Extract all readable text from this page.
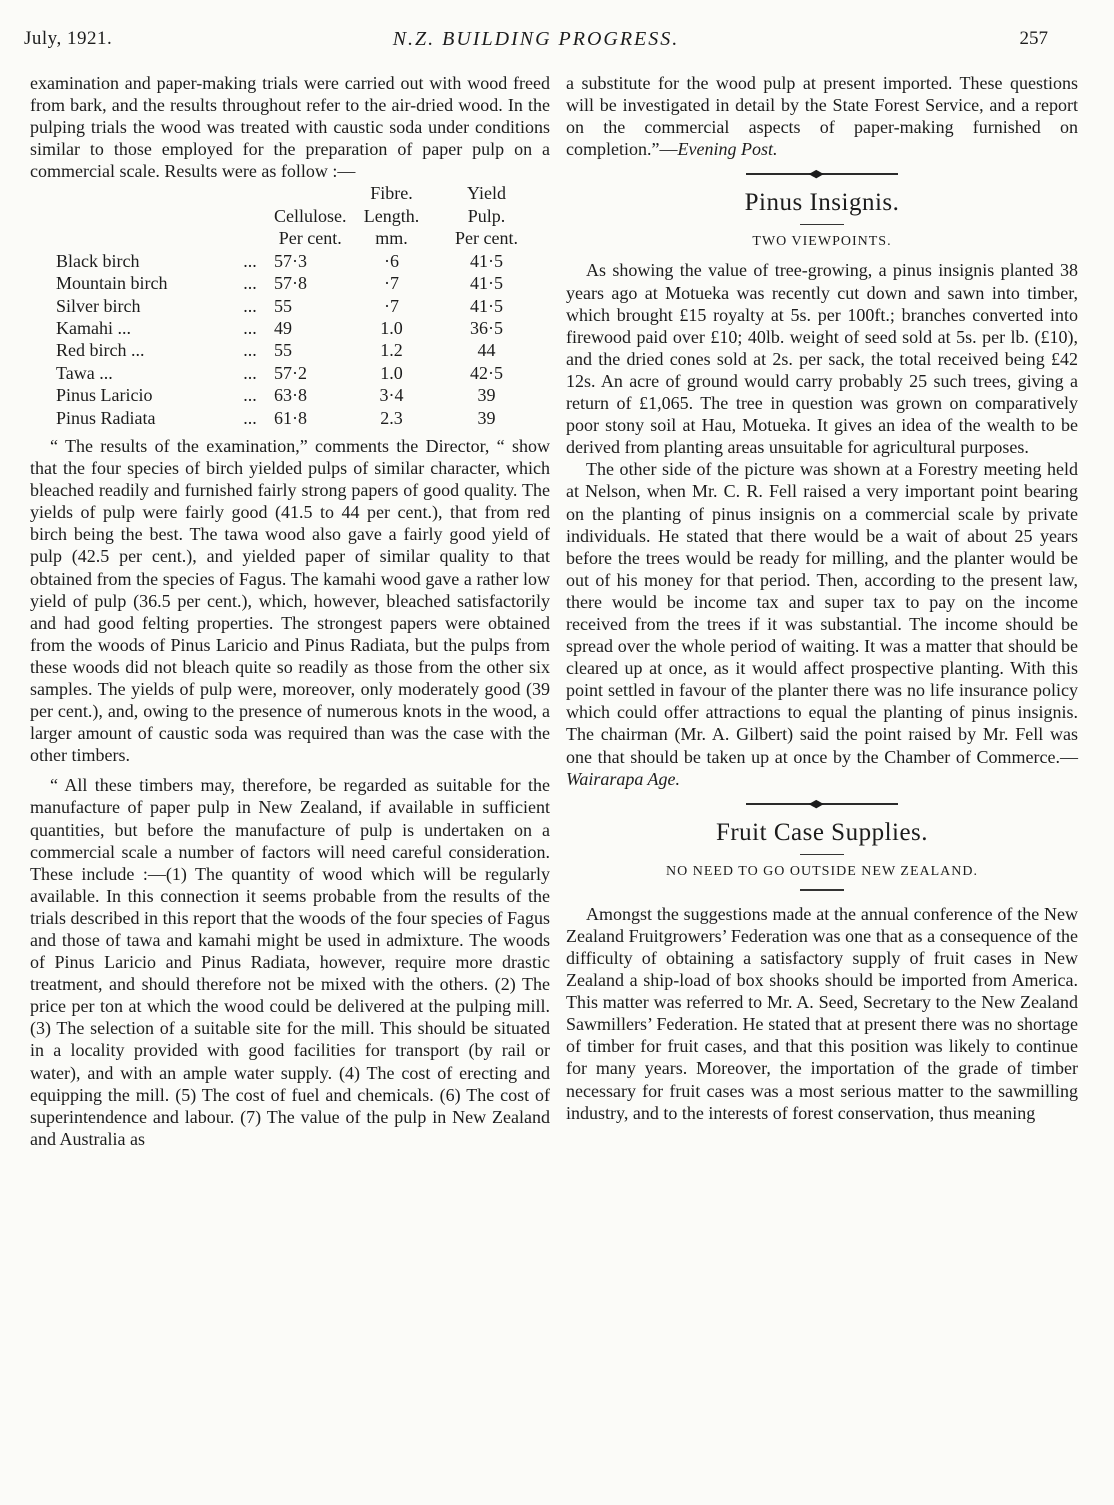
July, 1921.	N.Z. BUILDING PROGRESS.	257

examination and paper-making trials were carried out with wood freed from bark, and the results throughout refer to the air-dried wood. In the pulping trials the wood was treated with caustic soda under conditions similar to those employed for the preparation of paper pulp on a commercial scale. Results were as follow :—

			Fibre.	Yield
		Cellulose.	Length.	Pulp.
		Per cent.	mm.	Per cent.
Black birch	...	57·3	·6	41·5
Mountain birch	...	57·8	·7	41·5
Silver birch	...	55	·7	41·5
Kamahi ...	...	49	1.0	36·5
Red birch ...	...	55	1.2	44
Tawa ...	...	57·2	1.0	42·5
Pinus Laricio	...	63·8	3·4	39
Pinus Radiata	...	61·8	2.3	39

“ The results of the examination,” comments the Director, “ show that the four species of birch yielded pulps of similar character, which bleached readily and furnished fairly strong papers of good quality. The yields of pulp were fairly good (41.5 to 44 per cent.), that from red birch being the best. The tawa wood also gave a fairly good yield of pulp (42.5 per cent.), and yielded paper of similar quality to that obtained from the species of Fagus. The kamahi wood gave a rather low yield of pulp (36.5 per cent.), which, however, bleached satisfactorily and had good felting properties. The strongest papers were obtained from the woods of Pinus Laricio and Pinus Radiata, but the pulps from these woods did not bleach quite so readily as those from the other six samples. The yields of pulp were, moreover, only moderately good (39 per cent.), and, owing to the presence of numerous knots in the wood, a larger amount of caustic soda was required than was the case with the other timbers.

“ All these timbers may, therefore, be regarded as suitable for the manufacture of paper pulp in New Zealand, if available in sufficient quantities, but before the manufacture of pulp is undertaken on a commercial scale a number of factors will need careful consideration. These include :—(1) The quantity of wood which will be regularly available. In this connection it seems probable from the results of the trials described in this report that the woods of the four species of Fagus and those of tawa and kamahi might be used in admixture. The woods of Pinus Laricio and Pinus Radiata, however, require more drastic treatment, and should therefore not be mixed with the others. (2) The price per ton at which the wood could be delivered at the pulping mill. (3) The selection of a suitable site for the mill. This should be situated in a locality provided with good facilities for transport (by rail or water), and with an ample water supply. (4) The cost of erecting and equipping the mill. (5) The cost of fuel and chemicals. (6) The cost of superintendence and labour. (7) The value of the pulp in New Zealand and Australia as

a substitute for the wood pulp at present imported. These questions will be investigated in detail by the State Forest Service, and a report on the commercial aspects of paper-making furnished on completion.”—Evening Post.

◆
Pinus Insignis.
TWO VIEWPOINTS.

As showing the value of tree-growing, a pinus insignis planted 38 years ago at Motueka was recently cut down and sawn into timber, which brought £15 royalty at 5s. per 100ft.; branches converted into firewood paid over £10; 40lb. weight of seed sold at 5s. per lb. (£10), and the dried cones sold at 2s. per sack, the total received being £42 12s. An acre of ground would carry probably 25 such trees, giving a return of £1,065. The tree in question was grown on comparatively poor stony soil at Hau, Motueka. It gives an idea of the wealth to be derived from planting areas unsuitable for agricultural purposes.

The other side of the picture was shown at a Forestry meeting held at Nelson, when Mr. C. R. Fell raised a very important point bearing on the planting of pinus insignis on a commercial scale by private individuals. He stated that there would be a wait of about 25 years before the trees would be ready for milling, and the planter would be out of his money for that period. Then, according to the present law, there would be income tax and super tax to pay on the income received from the trees if it was substantial. The income should be spread over the whole period of waiting. It was a matter that should be cleared up at once, as it would affect prospective planting. With this point settled in favour of the planter there was no life insurance policy which could offer attractions to equal the planting of pinus insignis. The chairman (Mr. A. Gilbert) said the point raised by Mr. Fell was one that should be taken up at once by the Chamber of Commerce.—Wairarapa Age.

◆
Fruit Case Supplies.
NO NEED TO GO OUTSIDE NEW ZEALAND.

Amongst the suggestions made at the annual conference of the New Zealand Fruitgrowers’ Federation was one that as a consequence of the difficulty of obtaining a satisfactory supply of fruit cases in New Zealand a ship-load of box shooks should be imported from America. This matter was referred to Mr. A. Seed, Secretary to the New Zealand Sawmillers’ Federation. He stated that at present there was no shortage of timber for fruit cases, and that this position was likely to continue for many years. Moreover, the importation of the grade of timber necessary for fruit cases was a most serious matter to the sawmilling industry, and to the interests of forest conservation, thus meaning
